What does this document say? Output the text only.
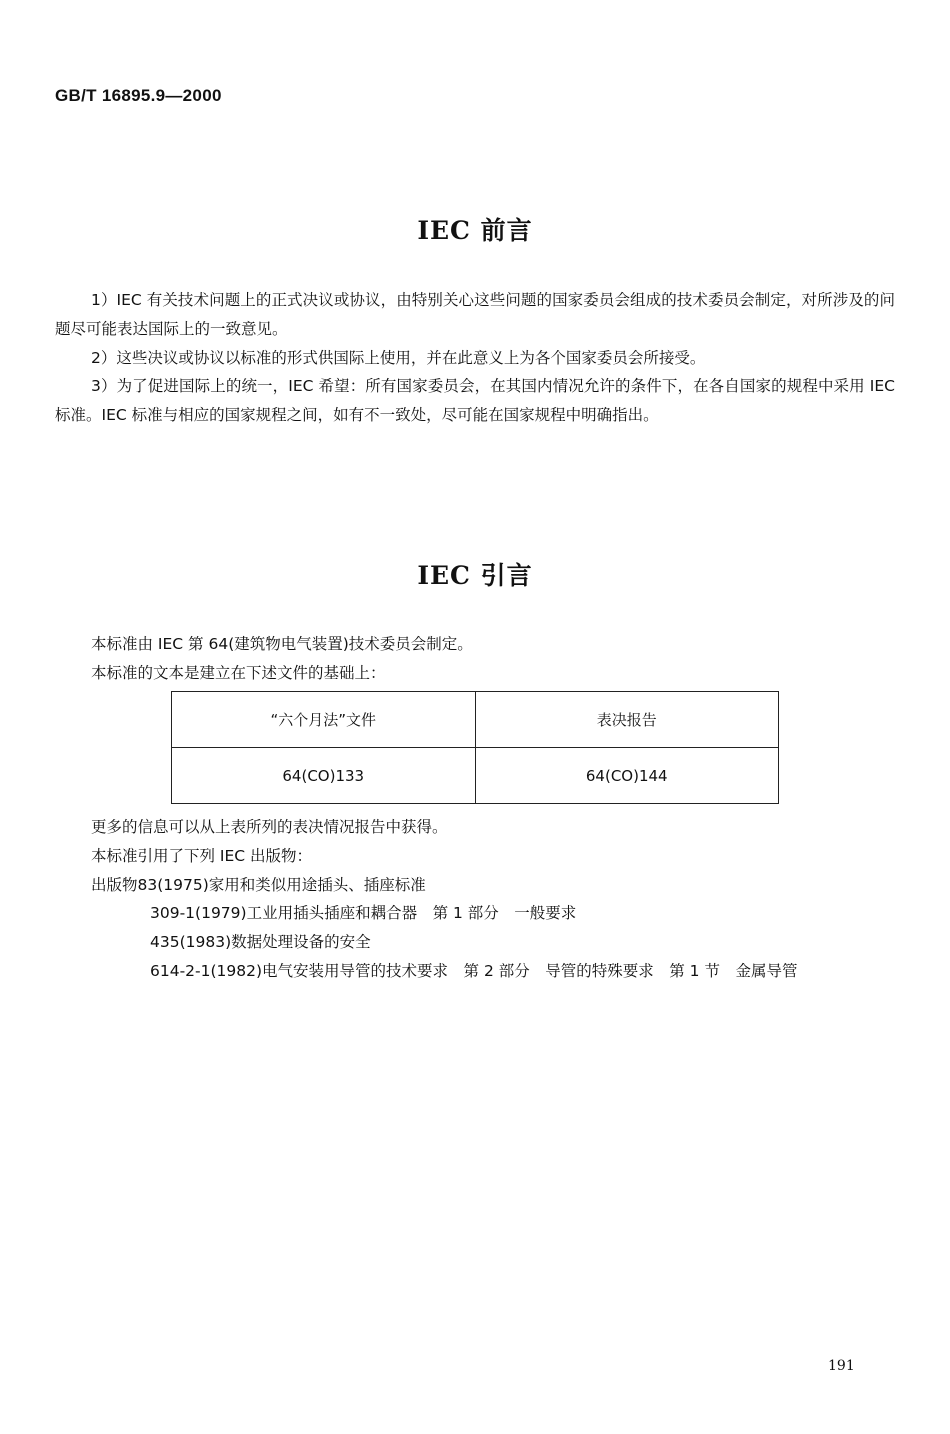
GB/T 16895.9—2000
IEC 前言

1）IEC 有关技术问题上的正式决议或协议，由特别关心这些问题的国家委员会组成的技术委员会制定，对所涉及的问题尽可能表达国际上的一致意见。

2）这些决议或协议以标准的形式供国际上使用，并在此意义上为各个国家委员会所接受。

3）为了促进国际上的统一，IEC 希望：所有国家委员会，在其国内情况允许的条件下，在各自国家的规程中采用 IEC 标准。IEC 标准与相应的国家规程之间，如有不一致处，尽可能在国家规程中明确指出。

IEC 引言

本标准由 IEC 第 64(建筑物电气装置)技术委员会制定。

本标准的文本是建立在下述文件的基础上：

“六个月法”文件	表决报告
64(CO)133	64(CO)144

更多的信息可以从上表所列的表决情况报告中获得。

本标准引用了下列 IEC 出版物：

出版物83(1975)家用和类似用途插头、插座标准

309-1(1979)工业用插头插座和耦合器　第 1 部分　一般要求

435(1983)数据处理设备的安全

614-2-1(1982)电气安装用导管的技术要求　第 2 部分　导管的特殊要求　第 1 节　金属导管

191
